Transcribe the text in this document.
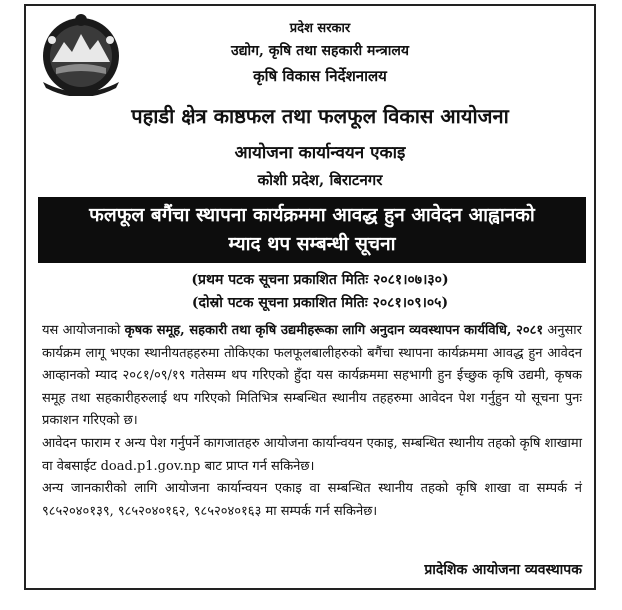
प्रदेश सरकार
उद्योग, कृषि तथा सहकारी मन्त्रालय
कृषि विकास निर्देशनालय
पहाडी क्षेत्र काष्ठफल तथा फलफूल विकास आयोजना
आयोजना कार्यान्वयन एकाइ
कोशी प्रदेश, बिराटनगर
फलफूल बगैंचा स्थापना कार्यक्रममा आवद्ध हुन आवेदन आह्वानको
म्याद थप सम्बन्धी सूचना
(प्रथम पटक सूचना प्रकाशित मितिः २०८१।०७।३०)
(दोस्रो पटक सूचना प्रकाशित मितिः २०८१।०९।०५)

यस आयोजनाको कृषक समूह, सहकारी तथा कृषि उद्यमीहरूका लागि अनुदान व्यवस्थापन कार्यविधि, २०८१ अनुसार कार्यक्रम लागू भएका स्थानीयतहहरुमा तोकिएका फलफूलबालीहरुको बगैंचा स्थापना कार्यक्रममा आवद्ध हुन आवेदन आव्हानको म्याद २०८१/०९/१९ गतेसम्म थप गरिएको हुँदा यस कार्यक्रममा सहभागी हुन ईच्छुक कृषि उद्यमी, कृषक समूह तथा सहकारीहरुलाई थप गरिएको मितिभित्र सम्बन्धित स्थानीय तहहरुमा आवेदन पेश गर्नुहुन यो सूचना पुनः प्रकाशन गरिएको छ।

आवेदन फाराम र अन्य पेश गर्नुपर्ने कागजातहरु आयोजना कार्यान्वयन एकाइ, सम्बन्धित स्थानीय तहको कृषि शाखामा वा वेबसाईट doad.p1.gov.np बाट प्राप्त गर्न सकिनेछ।

अन्य जानकारीको लागि आयोजना कार्यान्वयन एकाइ वा सम्बन्धित स्थानीय तहको कृषि शाखा वा सम्पर्क नं ९८५२०४०१३९, ९८५२०४०१६२, ९८५२०४०१६३ मा सम्पर्क गर्न सकिनेछ।

प्रादेशिक आयोजना व्यवस्थापक
